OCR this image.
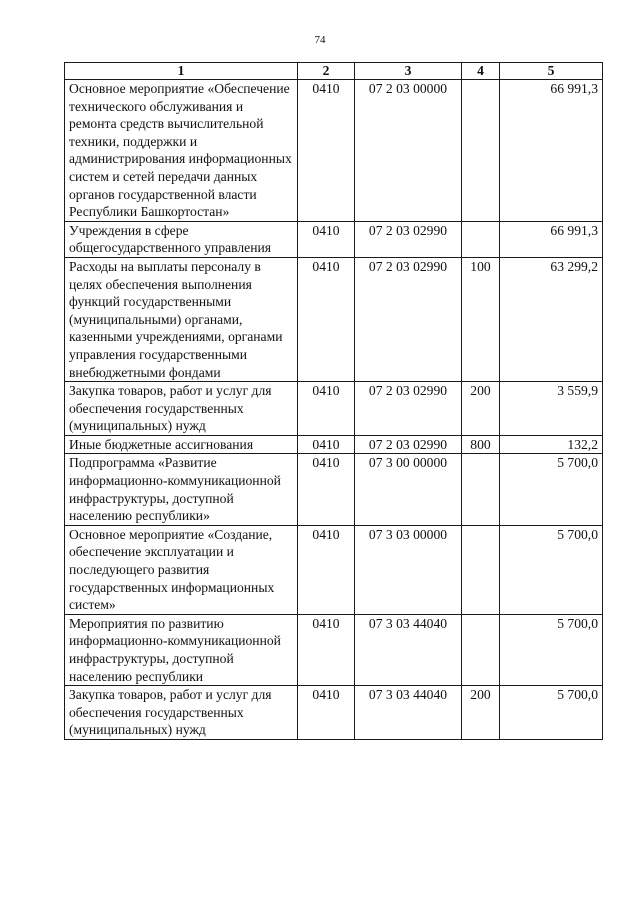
74
1	2	3	4	5
Основное мероприятие «Обеспечение технического обслуживания и ремонта средств вычислительной техники, поддержки и администрирования информационных систем и сетей передачи данных органов государственной власти Республики Башкортостан»	0410	07 2 03 00000		66 991,3
Учреждения в сфере общегосударственного управления	0410	07 2 03 02990		66 991,3
Расходы на выплаты персоналу в целях обеспечения выполнения функций государственными (муниципальными) органами, казенными учреждениями, органами управления государственными внебюджетными фондами	0410	07 2 03 02990	100	63 299,2
Закупка товаров, работ и услуг для обеспечения государственных (муниципальных) нужд	0410	07 2 03 02990	200	3 559,9
Иные бюджетные ассигнования	0410	07 2 03 02990	800	132,2
Подпрограмма «Развитие информационно-коммуникационной инфраструктуры, доступной населению республики»	0410	07 3 00 00000		5 700,0
Основное мероприятие «Создание, обеспечение эксплуатации и последующего развития государственных информационных систем»	0410	07 3 03 00000		5 700,0
Мероприятия по развитию информационно-коммуникационной инфраструктуры, доступной населению республики	0410	07 3 03 44040		5 700,0
Закупка товаров, работ и услуг для обеспечения государственных (муниципальных) нужд	0410	07 3 03 44040	200	5 700,0
